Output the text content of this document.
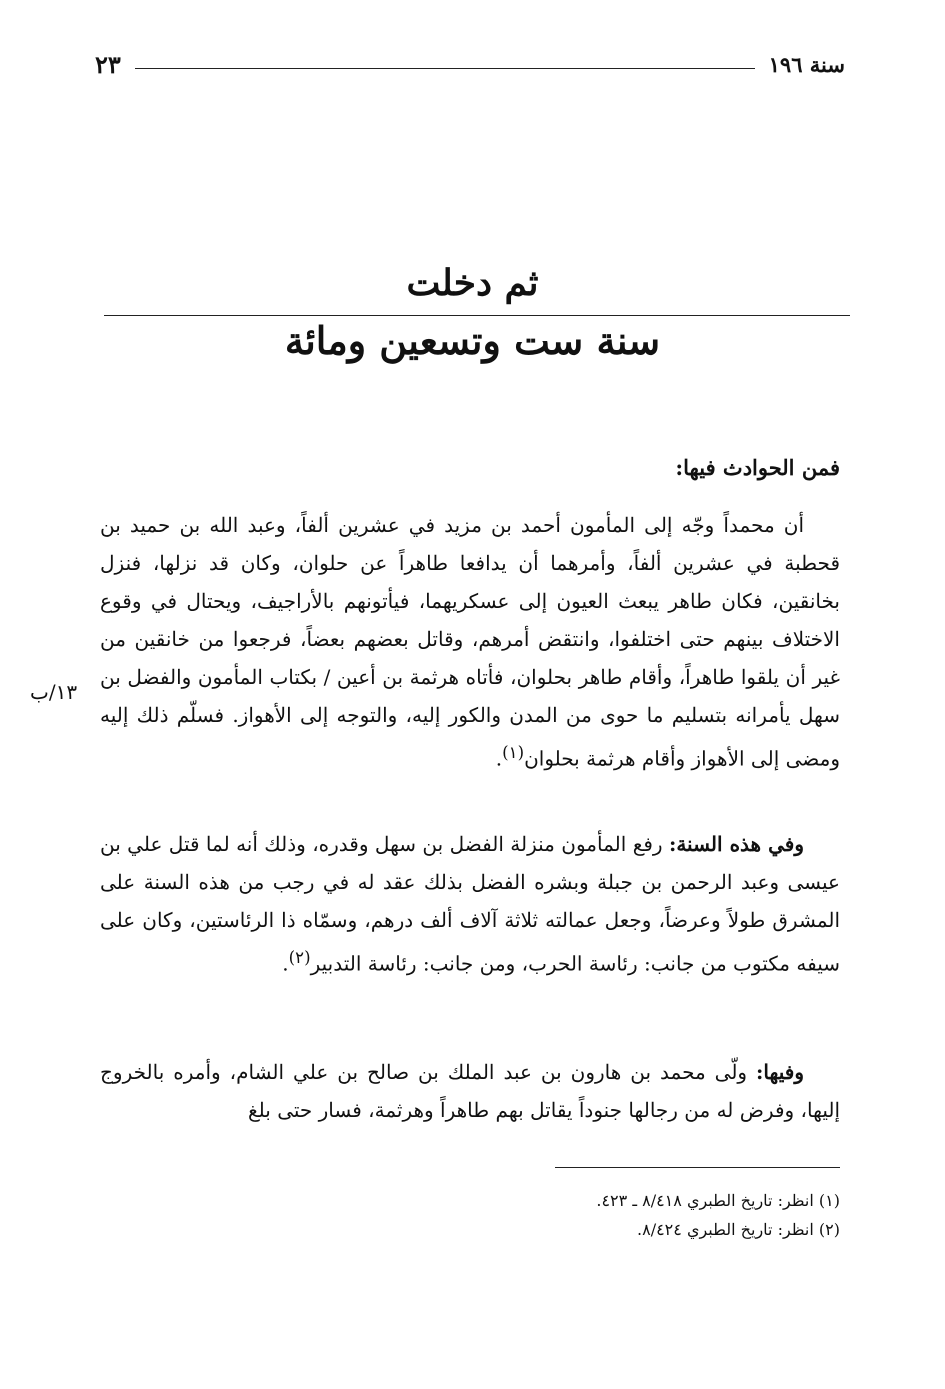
سنة ١٩٦
٢٣
ثم دخلت
سنة ست وتسعين ومائة
فمن الحوادث فيها:
أن محمداً وجّه إلى المأمون أحمد بن مزيد في عشرين ألفاً، وعبد الله بن حميد بن قحطبة في عشرين ألفاً، وأمرهما أن يدافعا طاهراً عن حلوان، وكان قد نزلها، فنزل بخانقين، فكان طاهر يبعث العيون إلى عسكريهما، فيأتونهم بالأراجيف، ويحتال في وقوع الاختلاف بينهم حتى اختلفوا، وانتقض أمرهم، وقاتل بعضهم بعضاً، فرجعوا من خانقين من غير أن يلقوا طاهراً، وأقام طاهر بحلوان، فأتاه هرثمة بن أعين / بكتاب المأمون والفضل بن سهل يأمرانه بتسليم ما حوى من المدن والكور إليه، والتوجه إلى الأهواز. فسلّم ذلك إليه ومضى إلى الأهواز وأقام هرثمة بحلوان$^{(١)}$.
١٣/ب
وفي هذه السنة: رفع المأمون منزلة الفضل بن سهل وقدره، وذلك أنه لما قتل علي بن عيسى وعبد الرحمن بن جبلة وبشره الفضل بذلك عقد له في رجب من هذه السنة على المشرق طولاً وعرضاً، وجعل عمالته ثلاثة آلاف ألف درهم، وسمّاه ذا الرئاستين، وكان على سيفه مكتوب من جانب: رئاسة الحرب، ومن جانب: رئاسة التدبير$^{(٢)}$.
وفيها: ولّى محمد بن هارون بن عبد الملك بن صالح بن علي الشام، وأمره بالخروج إليها، وفرض له من رجالها جنوداً يقاتل بهم طاهراً وهرثمة، فسار حتى بلغ
(١) انظر: تاريخ الطبري ٨/٤١٨ ـ ٤٢٣.
(٢) انظر: تاريخ الطبري ٨/٤٢٤.
